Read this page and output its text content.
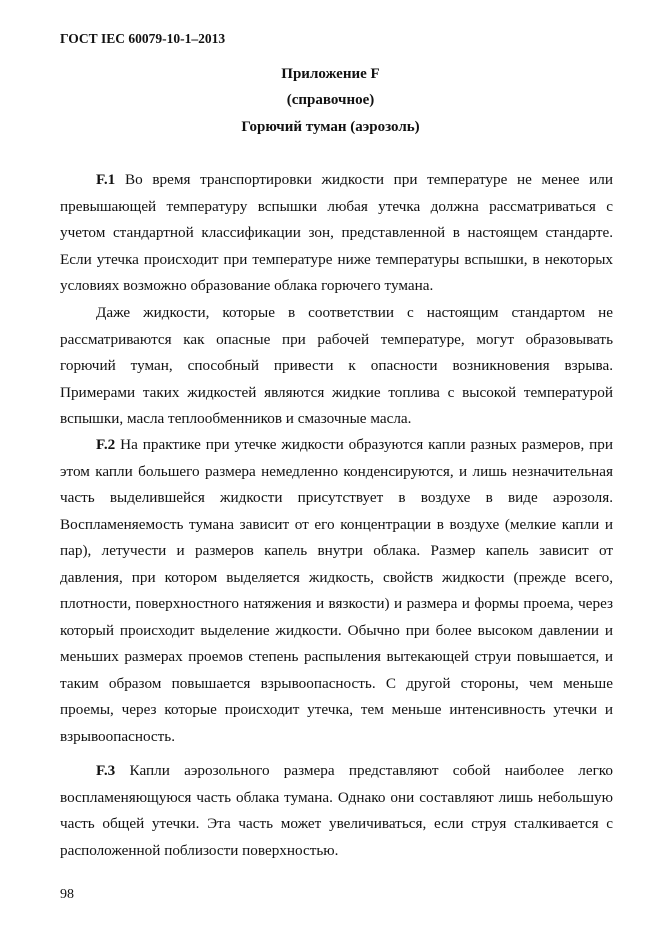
ГОСТ IEC 60079-10-1–2013
Приложение F
(справочное)
Горючий туман (аэрозоль)

F.1 Во время транспортировки жидкости при температуре не менее или превышающей температуру вспышки любая утечка должна рассматриваться с учетом стандартной классификации зон, представленной в настоящем стандарте. Если утечка происходит при температуре ниже температуры вспышки, в некоторых условиях возможно образование облака горючего тумана.

Даже жидкости, которые в соответствии с настоящим стандартом не рассматриваются как опасные при рабочей температуре, могут образовывать горючий туман, способный привести к опасности возникновения взрыва. Примерами таких жидкостей являются жидкие топлива с высокой температурой вспышки, масла теплообменников и смазочные масла.

F.2 На практике при утечке жидкости образуются капли разных размеров, при этом капли большего размера немедленно конденсируются, и лишь незначительная часть выделившейся жидкости присутствует в воздухе в виде аэрозоля. Воспламеняемость тумана зависит от его концентрации в воздухе (мелкие капли и пар), летучести и размеров капель внутри облака. Размер капель зависит от давления, при котором выделяется жидкость, свойств жидкости (прежде всего, плотности, поверхностного натяжения и вязкости) и размера и формы проема, через который происходит выделение жидкости. Обычно при более высоком давлении и меньших размерах проемов степень распыления вытекающей струи повышается, и таким образом повышается взрывоопасность. С другой стороны, чем меньше проемы, через которые происходит утечка, тем меньше интенсивность утечки и взрывоопасность.

F.3 Капли аэрозольного размера представляют собой наиболее легко воспламеняющуюся часть облака тумана. Однако они составляют лишь небольшую часть общей утечки. Эта часть может увеличиваться, если струя сталкивается с расположенной поблизости поверхностью.

98
